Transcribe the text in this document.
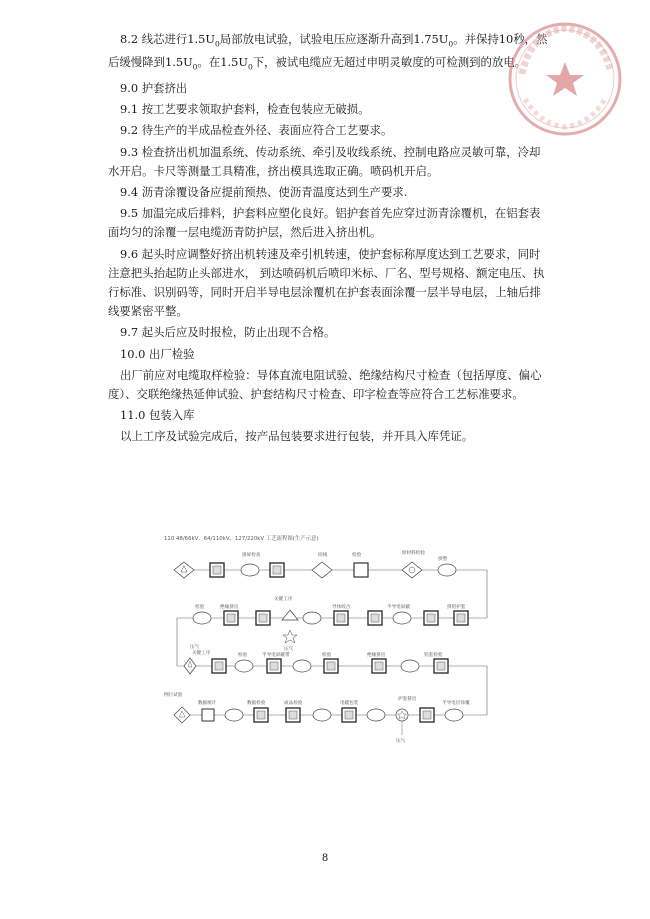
8.2 线芯进行$1.5U_0$局部放电试验，试验电压应逐渐升高到$1.75U_0$。并保持10秒，然后缓慢降到$1.5U_0$。在$1.5U_0$下，被试电缆应无超过申明灵敏度的可检测到的放电。

9.0 护套挤出

9.1 按工艺要求领取护套料，检查包装应无破损。

9.2 待生产的半成品检查外径、表面应符合工艺要求。

9.3 检查挤出机加温系统、传动系统、牵引及收线系统、控制电路应灵敏可靠，冷却水开启。卡尺等测量工具精准，挤出模具选取正确。喷码机开启。

9.4 沥青涂覆设备应提前预热、使沥青温度达到生产要求.

9.5 加温完成后排料，护套料应塑化良好。铝护套首先应穿过沥青涂覆机，在铝套表面均匀的涂覆一层电缆沥青防护层，然后进入挤出机。

9.6 起头时应调整好挤出机转速及牵引机转速，使护套标称厚度达到工艺要求，同时注意把头抬起防止头部进水， 到达喷码机后喷印米标、厂名、型号规格、额定电压、执行标准、识别码等，同时开启半导电层涂覆机在护套表面涂覆一层半导电层，上轴后排线要紧密平整。

9.7 起头后应及时报检，防止出现不合格。

10.0 出厂检验

出厂前应对电缆取样检验：导体直流电阻试验、绝缘结构尺寸检查（包括厚度、偏心度）、交联绝缘热延伸试验、护套结构尺寸检查、印字检查等应符合工艺标准要求。

11.0 包装入库

以上工序及试验完成后，按产品包装要求进行包装，并开具入库凭证。

110 48/66kV、64/110kV、127/220kV 工艺流程图(生产示意)
挤屏检查	绞线	检验	原材料检验
挤塑
检验	绝缘挤出
关键工序
导体绞合	半导电屏蔽	挤铝护套
压气
压气
关键工序	检验	半导电屏蔽带	检验	绝缘挤出	铝套检验
例行试验
数据统计	数据检验	成品检验	电缆包装
护套挤出
半导电层涂覆
压气
8
